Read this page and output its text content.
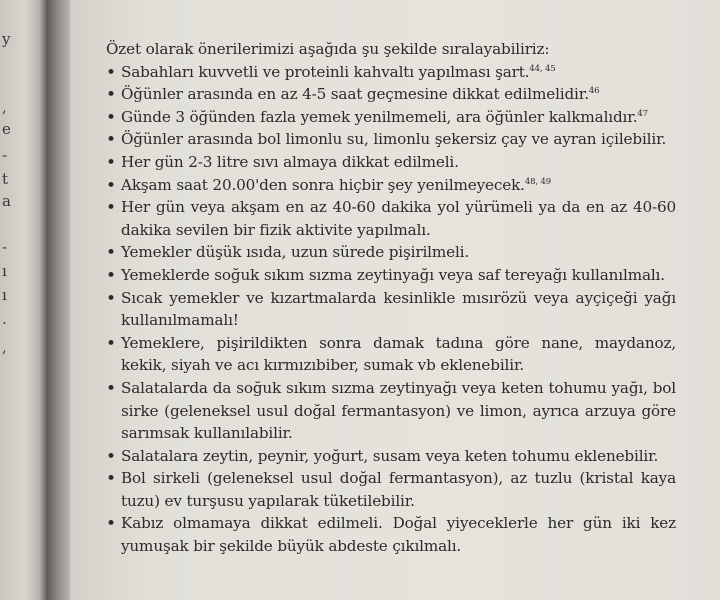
y
,
e
-
t
a
-
ı
ı
.
,

Özet olarak önerilerimizi aşağıda şu şekilde sıralayabiliriz:

• Sabahları kuvvetli ve proteinli kahvaltı yapılması şart.$^{44, 45}$
• Öğünler arasında en az 4-5 saat geçmesine dikkat edilmelidir.$^{46}$
• Günde 3 öğünden fazla yemek yenilmemeli, ara öğünler kalkmalıdır.$^{47}$
• Öğünler arasında bol limonlu su, limonlu şekersiz çay ve ayran içilebilir.
• Her gün 2-3 litre sıvı almaya dikkat edilmeli.
• Akşam saat 20.00'den sonra hiçbir şey yenilmeyecek.$^{48, 49}$
• Her gün veya akşam en az 40-60 dakika yol yürümeli ya da en az 40-60 dakika sevilen bir fizik aktivite yapılmalı.
• Yemekler düşük ısıda, uzun sürede pişirilmeli.
• Yemeklerde soğuk sıkım sızma zeytinyağı veya saf tereyağı kullanılmalı.
• Sıcak yemekler ve kızartmalarda kesinlikle mısırözü veya ayçiçeği yağı kullanılmamalı!
• Yemeklere, pişirildikten sonra damak tadına göre nane, maydanoz, kekik, siyah ve acı kırmızıbiber, sumak vb eklenebilir.
• Salatalarda da soğuk sıkım sızma zeytinyağı veya keten tohumu yağı, bol sirke (geleneksel usul doğal fermantasyon) ve limon, ayrıca arzuya göre sarımsak kullanılabilir.
• Salatalara zeytin, peynir, yoğurt, susam veya keten tohumu eklenebilir.
• Bol sirkeli (geleneksel usul doğal fermantasyon), az tuzlu (kristal kaya tuzu) ev turşusu yapılarak tüketilebilir.
• Kabız olmamaya dikkat edilmeli. Doğal yiyeceklerle her gün iki kez yumuşak bir şekilde büyük abdeste çıkılmalı.
